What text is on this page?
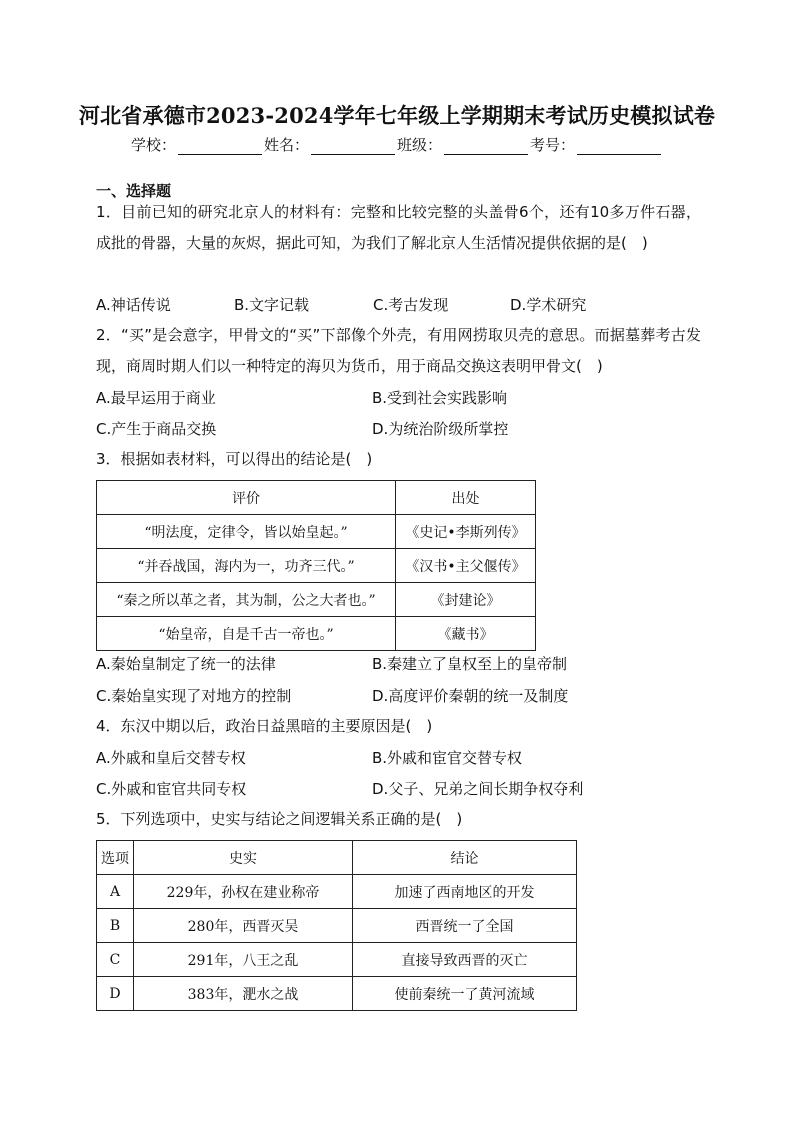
河北省承德市2023-2024学年七年级上学期期末考试历史模拟试卷
学校：	姓名：	班级：	考号：
一、选择题
1．目前已知的研究北京人的材料有：完整和比较完整的头盖骨6个，还有10多万件石器，成批的骨器，大量的灰烬，据此可知，为我们了解北京人生活情况提供依据的是(　)
A.神话传说	B.文字记载	C.考古发现	D.学术研究
2．“买”是会意字，甲骨文的“买”下部像个外壳，有用网捞取贝壳的意思。而据墓葬考古发现，商周时期人们以一种特定的海贝为货币，用于商品交换这表明甲骨文(　)
A.最早运用于商业	B.受到社会实践影响
C.产生于商品交换	D.为统治阶级所掌控
3．根据如表材料，可以得出的结论是(　)
评价	出处
“明法度，定律令，皆以始皇起。”	《史记•李斯列传》
“并吞战国，海内为一，功齐三代。”	《汉书•主父偃传》
“秦之所以革之者，其为制，公之大者也。”	《封建论》
“始皇帝，自是千古一帝也。”	《藏书》
A.秦始皇制定了统一的法律	B.秦建立了皇权至上的皇帝制
C.秦始皇实现了对地方的控制	D.高度评价秦朝的统一及制度
4．东汉中期以后，政治日益黑暗的主要原因是(　)
A.外戚和皇后交替专权	B.外戚和宦官交替专权
C.外戚和宦官共同专权	D.父子、兄弟之间长期争权夺利
5．下列选项中，史实与结论之间逻辑关系正确的是(　)
选项	史实	结论
A	229年，孙权在建业称帝	加速了西南地区的开发
B	280年，西晋灭吴	西晋统一了全国
C	291年，八王之乱	直接导致西晋的灭亡
D	383年，淝水之战	使前秦统一了黄河流域
